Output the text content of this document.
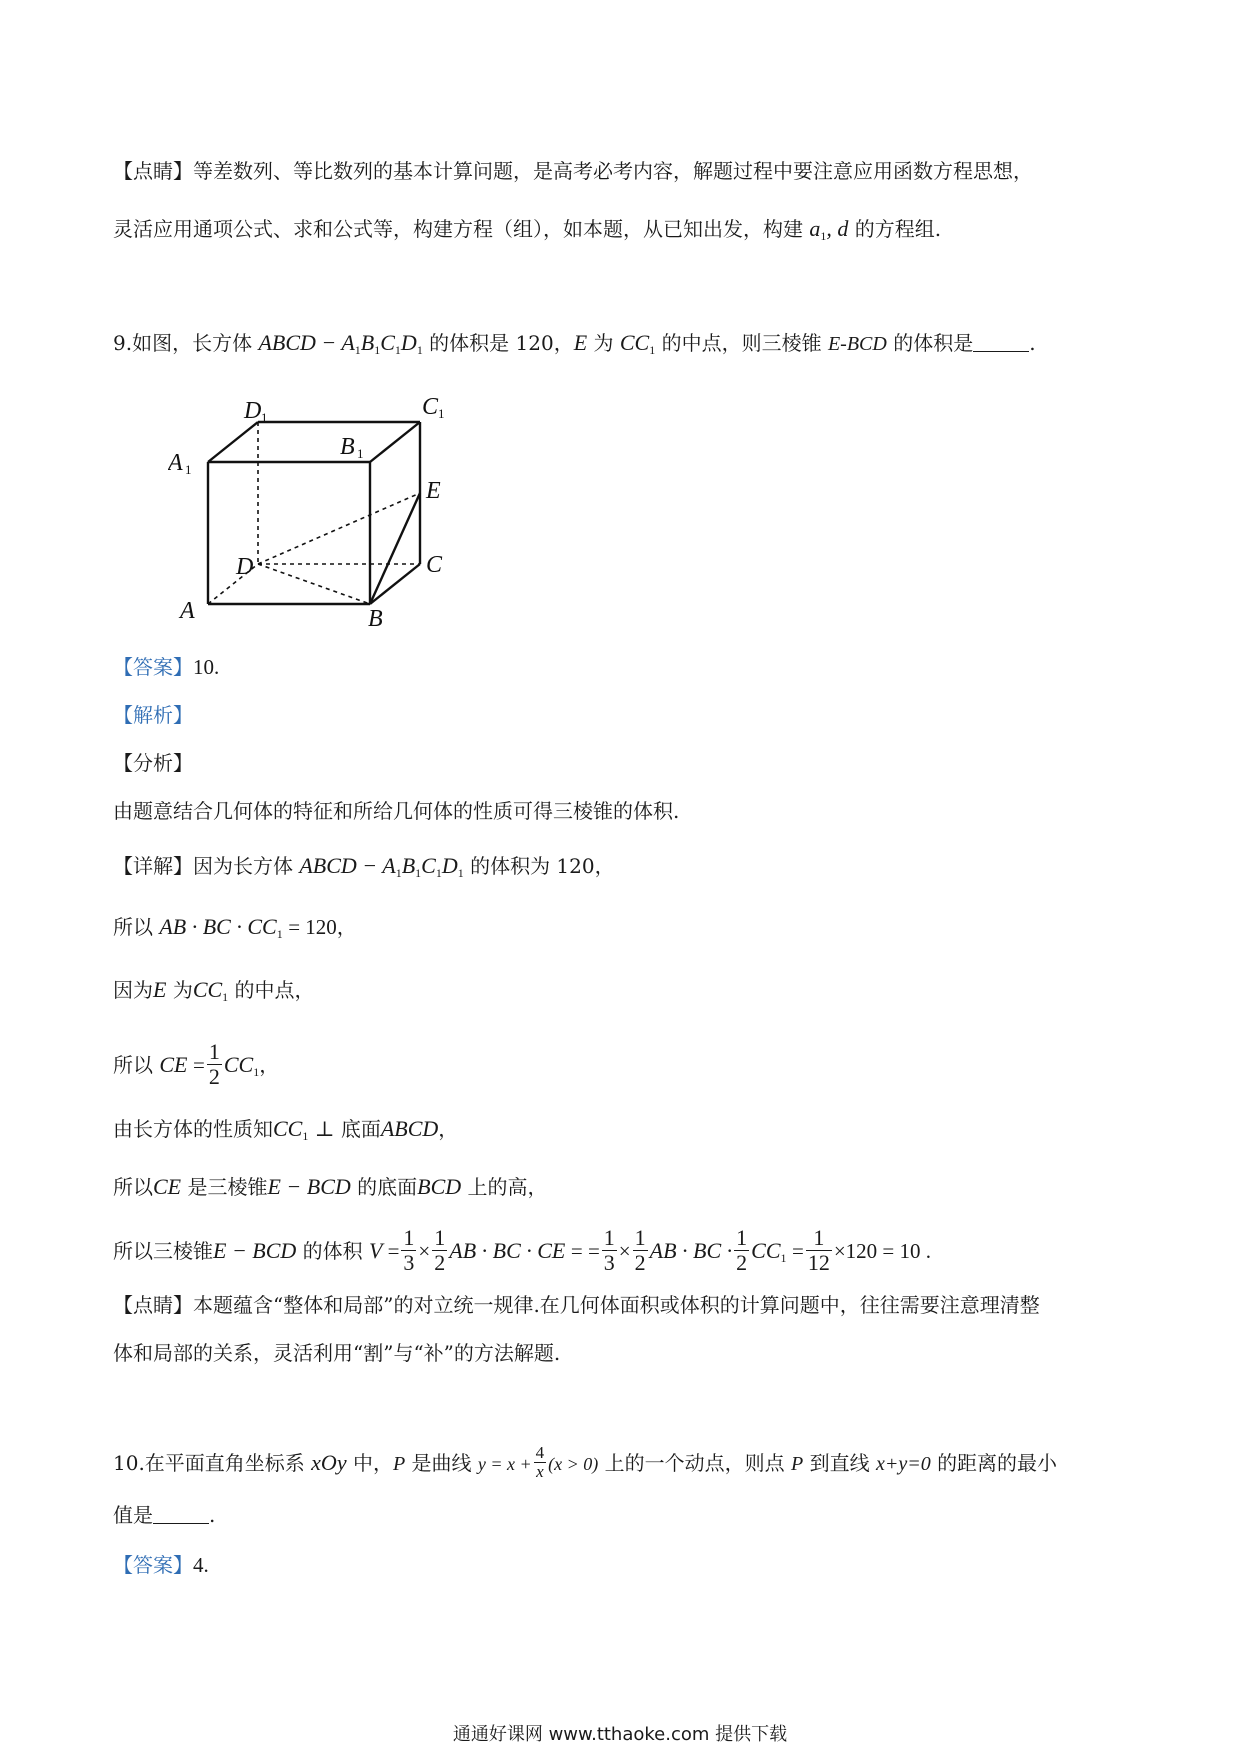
【点睛】等差数列、等比数列的基本计算问题，是高考必考内容，解题过程中要注意应用函数方程思想，
灵活应用通项公式、求和公式等，构建方程（组），如本题，从已知出发，构建 $a_1$, d 的方程组.
9.如图，长方体 ABCD − $A_1B_1C_1D_1$ 的体积是 120，E 为 $CC_1$ 的中点，则三棱锥 E-BCD 的体积是	.
D 1	C 1
A 1
B 1
E
D	C
A	B
【答案】10.
【解析】
【分析】
由题意结合几何体的特征和所给几何体的性质可得三棱锥的体积.
【详解】因为长方体 ABCD − $A_1B_1C_1D_1$ 的体积为 120，
所以 AB · BC · $CC_1 = 120$，
因为E 为$CC_1$ 的中点，
所以 CE = $\frac{1}{2} CC_1$，
由长方体的性质知$CC_1$ ⊥ 底面ABCD，
所以CE 是三棱锥E − BCD 的底面BCD 上的高，
所以三棱锥E − BCD 的体积 $V = \frac{1}{3} \times \frac{1}{2}$ AB · BC · CE = = $\frac{1}{3} \times \frac{1}{2}$ AB · BC · $\frac{1}{2} CC_1 = \frac{1}{12} \times 120 = 10$ .
【点睛】本题蕴含“整体和局部”的对立统一规律.在几何体面积或体积的计算问题中，往往需要注意理清整
体和局部的关系，灵活利用“割”与“补”的方法解题.
10.在平面直角坐标系 xOy 中，P 是曲线 $y = x + \frac{4}{x} (x > 0)$ 上的一个动点，则点 P 到直线 x+y=0 的距离的最小
值是	.
【答案】4.
通通好课网 www.tthaoke.com 提供下载
